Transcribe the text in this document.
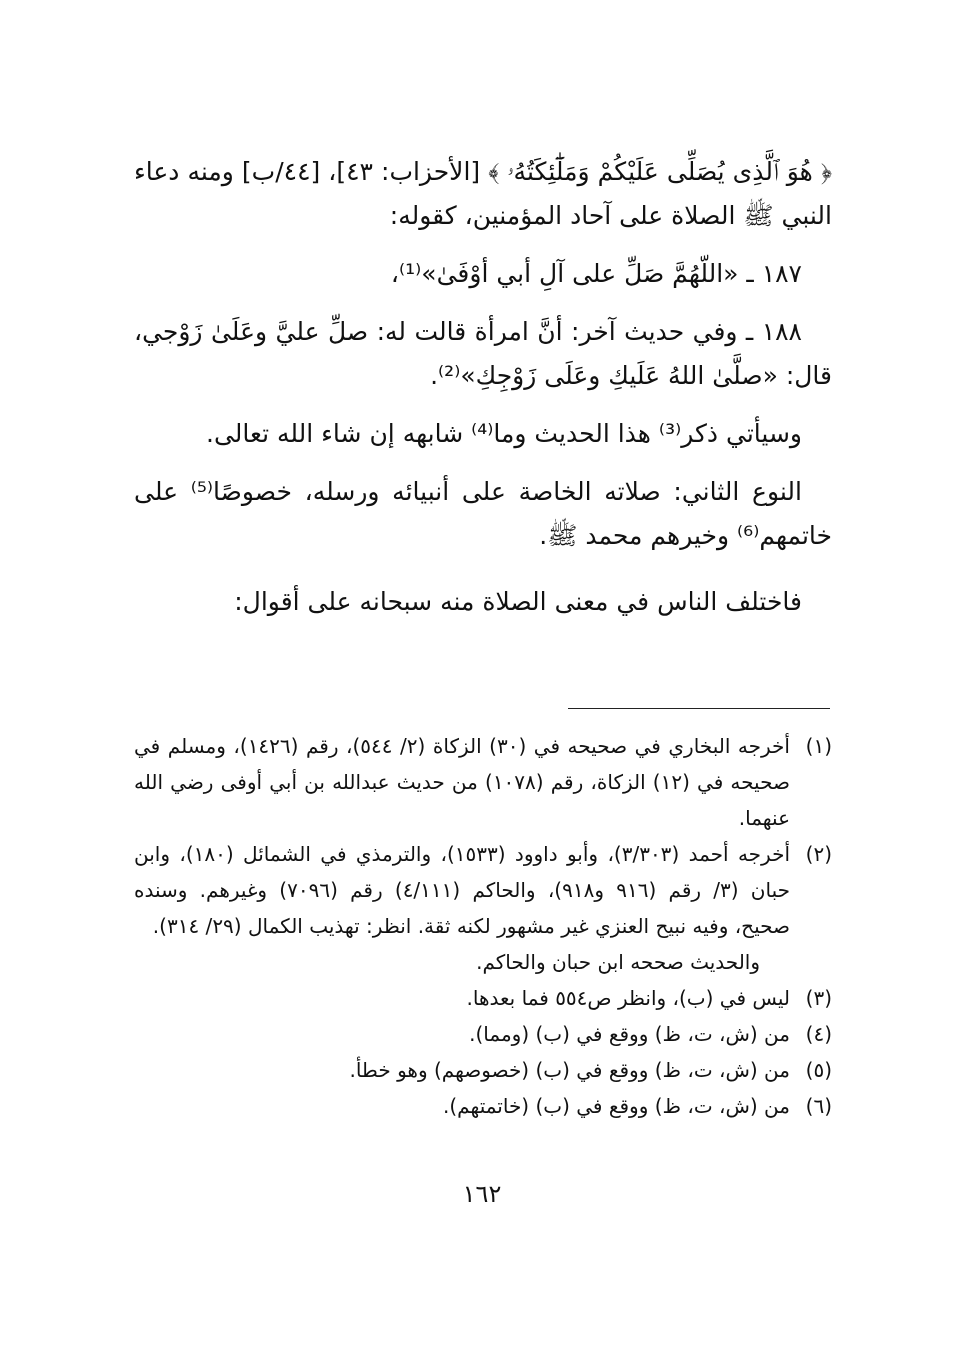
﴿ هُوَ ٱلَّذِى يُصَلِّى عَلَيْكُمْ وَمَلَٰٓئِكَتُهُۥ ﴾ [الأحزاب: ٤٣]، [٤٤/ب] ومنه دعاء النبي ﷺ الصلاة على آحاد المؤمنين، كقوله:

١٨٧ ـ «اللّهُمَّ صَلِّ على آلِ أبي أوْفَىٰ»⁽¹⁾،

١٨٨ ـ وفي حديث آخر: أنَّ امرأة قالت له: صلِّ عليَّ وعَلَىٰ زَوْجي، قال: «صلَّىٰ اللهُ عَلَيكِ وعَلَى زَوْجِكِ»⁽²⁾.

وسيأتي ذكر⁽³⁾ هذا الحديث وما⁽⁴⁾ شابهه إن شاء الله تعالى.

النوع الثاني: صلاته الخاصة على أنبيائه ورسله، خصوصًا⁽⁵⁾ على خاتمهم⁽⁶⁾ وخيرهم محمد ﷺ.

فاختلف الناس في معنى الصلاة منه سبحانه على أقوال:

(١)
أخرجه البخاري في صحيحه في (٣٠) الزكاة (٢/ ٥٤٤)، رقم (١٤٢٦)، ومسلم في صحيحه في (١٢) الزكاة، رقم (١٠٧٨) من حديث عبدالله بن أبي أوفى رضي الله عنهما.
(٢)
أخرجه أحمد (٣/٣٠٣)، وأبو داوود (١٥٣٣)، والترمذي في الشمائل (١٨٠)، وابن حبان (٣/ رقم (٩١٦ و٩١٨)، والحاكم (٤/١١١) رقم (٧٠٩٦) وغيرهم. وسنده صحيح، وفيه نبيح العنزي غير مشهور لكنه ثقة. انظر: تهذيب الكمال (٢٩/ ٣١٤).
والحديث صححه ابن حبان والحاكم.
(٣)
ليس في (ب)، وانظر ص٥٥٤ فما بعدها.
(٤)
من (ش، ت، ظ) ووقع في (ب) (ومما).
(٥)
من (ش، ت، ظ) ووقع في (ب) (خصوصهم) وهو خطأ.
(٦)
من (ش، ت، ظ) ووقع في (ب) (خاتمتهم).
١٦٢
